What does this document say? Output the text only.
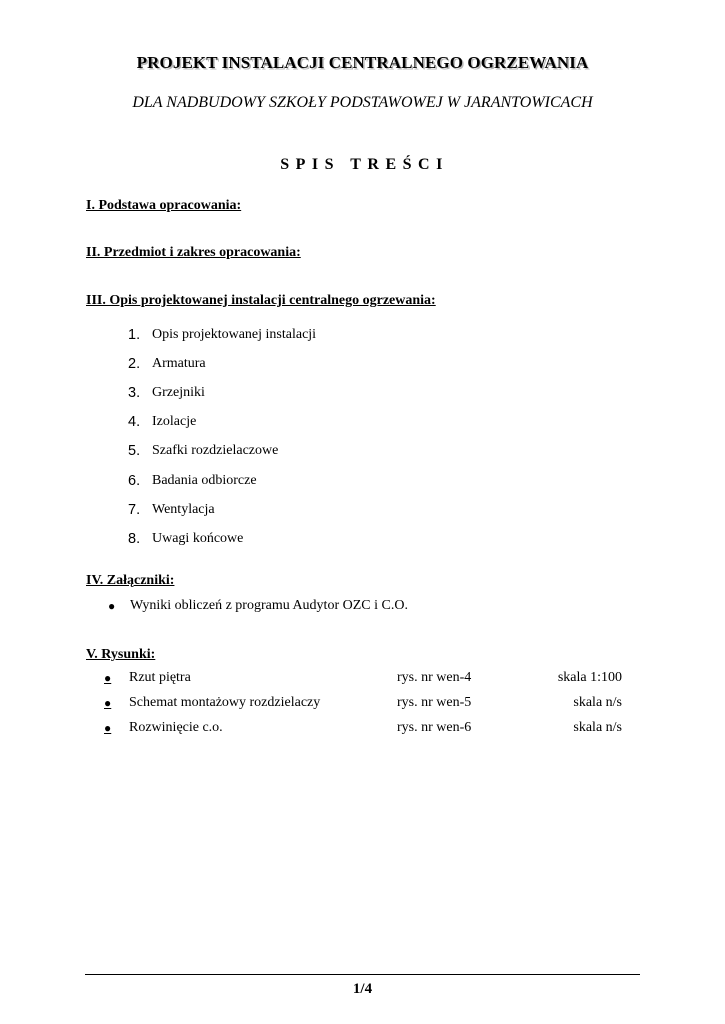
PROJEKT INSTALACJI CENTRALNEGO OGRZEWANIA
DLA NADBUDOWY SZKOŁY PODSTAWOWEJ W JARANTOWICACH
SPIS TREŚCI
I. Podstawa opracowania:
II. Przedmiot i zakres opracowania:
III. Opis projektowanej instalacji centralnego ogrzewania:
1. Opis projektowanej instalacji
2. Armatura
3. Grzejniki
4. Izolacje
5. Szafki rozdzielaczowe
6. Badania odbiorcze
7. Wentylacja
8. Uwagi końcowe
IV. Załączniki:
●	Wyniki obliczeń z programu Audytor OZC i C.O.
V. Rysunki:
● Rzut piętra	rys. nr wen-4	skala 1:100
● Schemat montażowy rozdzielaczy	rys. nr wen-5	skala n/s
● Rozwinięcie c.o.	rys. nr wen-6	skala n/s
1/4
